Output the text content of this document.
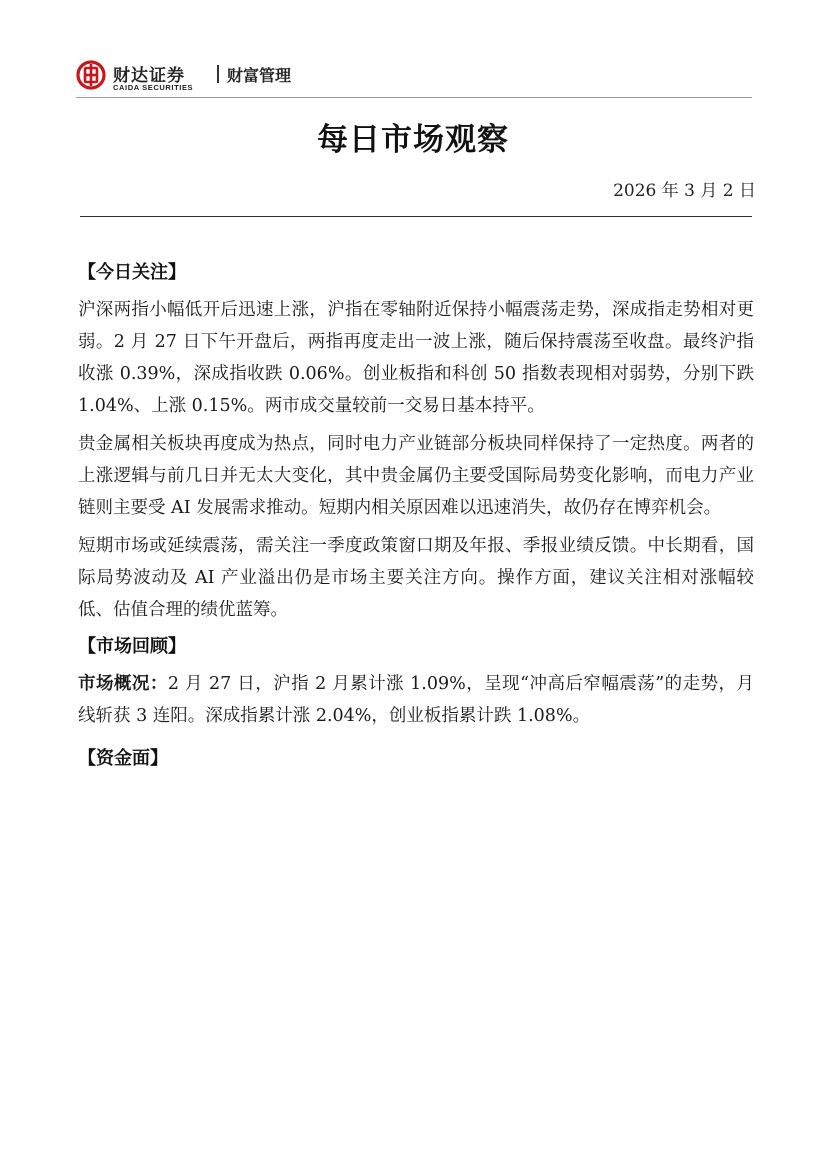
财达证券
CAIDA SECURITIES
财富管理
每日市场观察
2026 年 3 月 2 日
【今日关注】

沪深两指小幅低开后迅速上涨，沪指在零轴附近保持小幅震荡走势，深成指走势相对更弱。2 月 27 日下午开盘后，两指再度走出一波上涨，随后保持震荡至收盘。最终沪指收涨 0.39%，深成指收跌 0.06%。创业板指和科创 50 指数表现相对弱势，分别下跌 1.04%、上涨 0.15%。两市成交量较前一交易日基本持平。

贵金属相关板块再度成为热点，同时电力产业链部分板块同样保持了一定热度。两者的上涨逻辑与前几日并无太大变化，其中贵金属仍主要受国际局势变化影响，而电力产业链则主要受 AI 发展需求推动。短期内相关原因难以迅速消失，故仍存在博弈机会。

短期市场或延续震荡，需关注一季度政策窗口期及年报、季报业绩反馈。中长期看，国际局势波动及 AI 产业溢出仍是市场主要关注方向。操作方面，建议关注相对涨幅较低、估值合理的绩优蓝筹。

【市场回顾】

市场概况：2 月 27 日，沪指 2 月累计涨 1.09%，呈现“冲高后窄幅震荡”的走势，月线斩获 3 连阳。深成指累计涨 2.04%，创业板指累计跌 1.08%。

【资金面】
